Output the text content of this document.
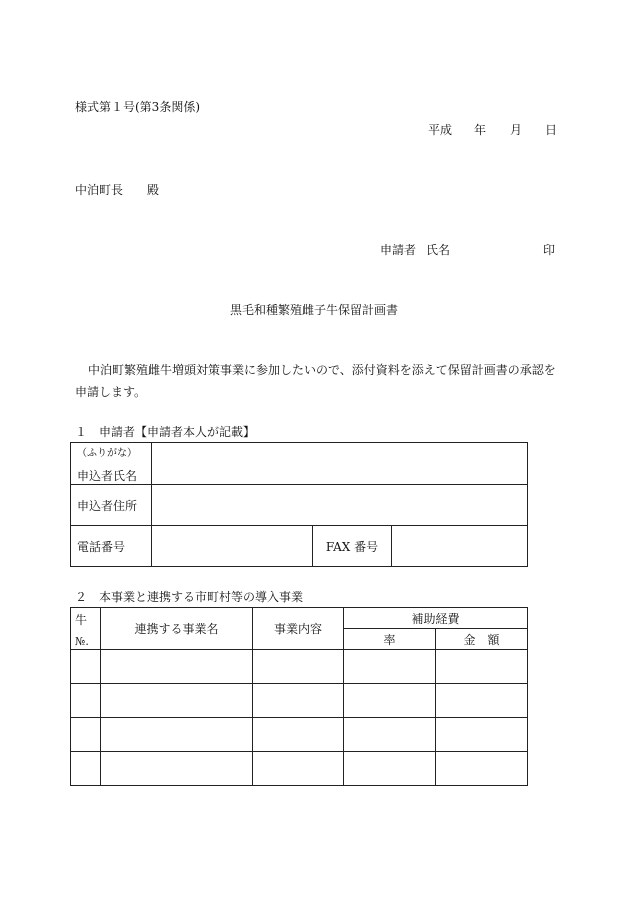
様式第１号(第3条関係)
平成 年 月 日
中泊町長 殿
申請者 氏名	印
黒毛和種繁殖雌子牛保留計画書
中泊町繁殖雌牛増頭対策事業に参加したいので、添付資料を添えて保留計画書の承認を
申請します。
１　申請者【申請者本人が記載】
（ふりがな）
申込者氏名			

申込者住所			
電話番号		FAX 番号	
２　本事業と連携する市町村等の導入事業
牛
№.	連携する事業名	事業内容	補助経費	
			率	金　額
